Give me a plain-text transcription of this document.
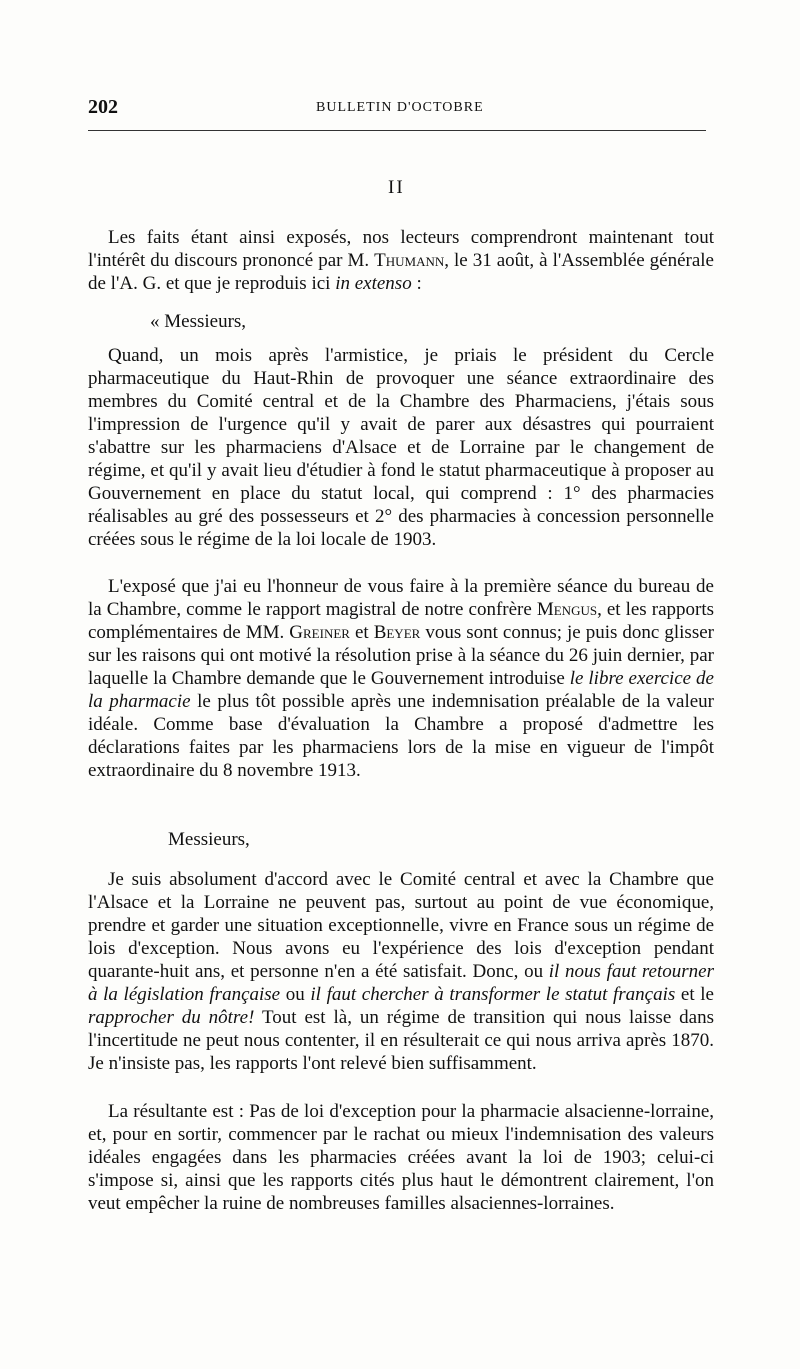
202	BULLETIN D'OCTOBRE
II

Les faits étant ainsi exposés, nos lecteurs comprendront maintenant tout l'intérêt du discours prononcé par M. Thumann, le 31 août, à l'Assemblée générale de l'A. G. et que je reproduis ici in extenso :

« Messieurs,

Quand, un mois après l'armistice, je priais le président du Cercle pharmaceutique du Haut-Rhin de provoquer une séance extraordinaire des membres du Comité central et de la Chambre des Pharmaciens, j'étais sous l'impression de l'urgence qu'il y avait de parer aux désastres qui pourraient s'abattre sur les pharmaciens d'Alsace et de Lorraine par le changement de régime, et qu'il y avait lieu d'étudier à fond le statut pharmaceutique à proposer au Gouvernement en place du statut local, qui comprend : 1° des pharmacies réalisables au gré des possesseurs et 2° des pharmacies à concession personnelle créées sous le régime de la loi locale de 1903.

L'exposé que j'ai eu l'honneur de vous faire à la première séance du bureau de la Chambre, comme le rapport magistral de notre confrère Mengus, et les rapports complémentaires de MM. Greiner et Beyer vous sont connus; je puis donc glisser sur les raisons qui ont motivé la résolution prise à la séance du 26 juin dernier, par laquelle la Chambre demande que le Gouvernement introduise le libre exercice de la pharmacie le plus tôt possible après une indemnisation préalable de la valeur idéale. Comme base d'évaluation la Chambre a proposé d'admettre les déclarations faites par les pharmaciens lors de la mise en vigueur de l'impôt extraordinaire du 8 novembre 1913.

Messieurs,

Je suis absolument d'accord avec le Comité central et avec la Chambre que l'Alsace et la Lorraine ne peuvent pas, surtout au point de vue économique, prendre et garder une situation exceptionnelle, vivre en France sous un régime de lois d'exception. Nous avons eu l'expérience des lois d'exception pendant quarante-huit ans, et personne n'en a été satisfait. Donc, ou il nous faut retourner à la législation française ou il faut chercher à transformer le statut français et le rapprocher du nôtre! Tout est là, un régime de transition qui nous laisse dans l'incertitude ne peut nous contenter, il en résulterait ce qui nous arriva après 1870. Je n'insiste pas, les rapports l'ont relevé bien suffisamment.

La résultante est : Pas de loi d'exception pour la pharmacie alsacienne-lorraine, et, pour en sortir, commencer par le rachat ou mieux l'indemnisation des valeurs idéales engagées dans les pharmacies créées avant la loi de 1903; celui-ci s'impose si, ainsi que les rapports cités plus haut le démontrent clairement, l'on veut empêcher la ruine de nombreuses familles alsaciennes-lorraines.
